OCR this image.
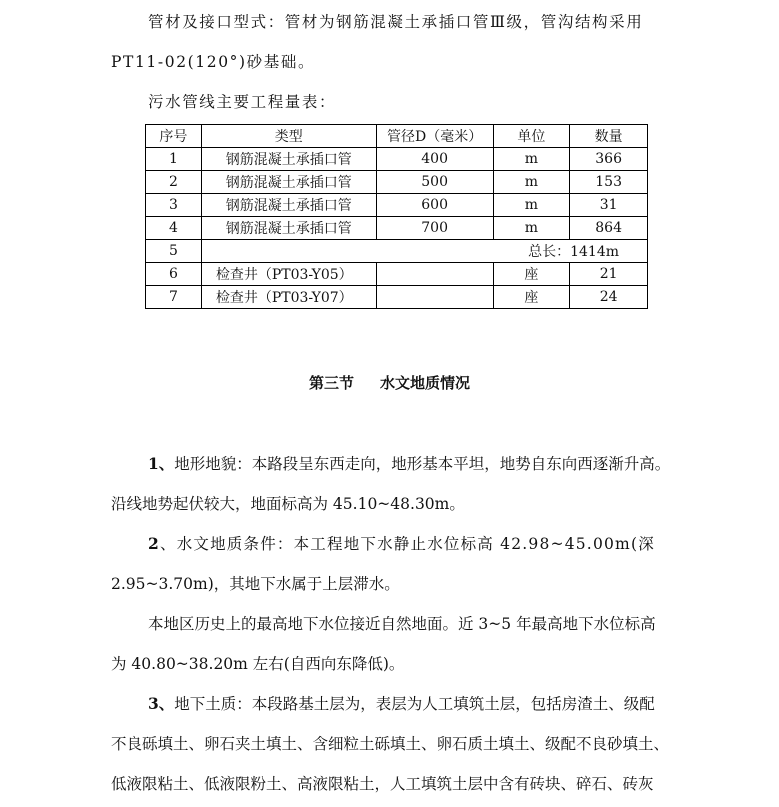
管材及接口型式：管材为钢筋混凝土承插口管Ⅲ级，管沟结构采用
PT11-02(120°)砂基础。
污水管线主要工程量表：
序号	类型	管径D（毫米）	单位	数量
1	钢筋混凝土承插口管	400	m	366
2	钢筋混凝土承插口管	500	m	153
3	钢筋混凝土承插口管	600	m	31
4	钢筋混凝土承插口管	700	m	864
5	总长：1414m			
6	检查井（PT03-Y05）		座	21
7	检查井（PT03-Y07）		座	24
第三节 水文地质情况
1、地形地貌：本路段呈东西走向，地形基本平坦，地势自东向西逐渐升高。
沿线地势起伏较大，地面标高为 45.10~48.30m。
2、水文地质条件：本工程地下水静止水位标高 42.98~45.00m(深
2.95~3.70m)，其地下水属于上层滞水。
本地区历史上的最高地下水位接近自然地面。近 3~5 年最高地下水位标高
为 40.80~38.20m 左右(自西向东降低)。
3、地下土质：本段路基土层为，表层为人工填筑土层，包括房渣土、级配
不良砾填土、卵石夹土填土、含细粒土砾填土、卵石质土填土、级配不良砂填土、
低液限粘土、低液限粉土、高液限粘土，人工填筑土层中含有砖块、碎石、砖灰
